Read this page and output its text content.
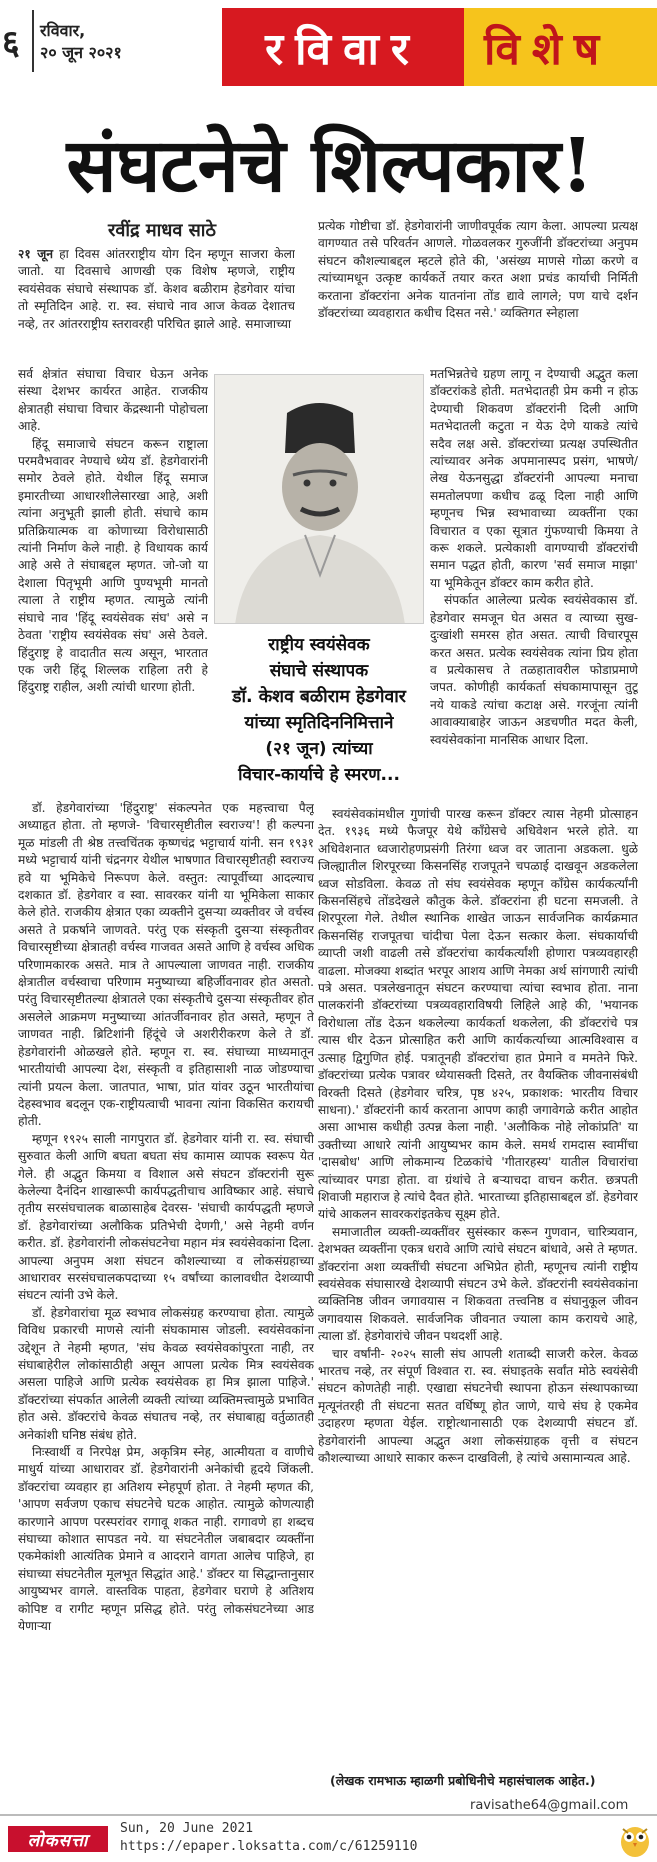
६ रविवार,
२० जून २०२१	रविवार	विशेष
संघटनेचे शिल्पकार!
रवींद्र माधव साठे

२१ जून हा दिवस आंतरराष्ट्रीय योग दिन म्हणून साजरा केला जातो. या दिवसाचे आणखी एक विशेष म्हणजे, राष्ट्रीय स्वयंसेवक संघाचे संस्थापक डॉ. केशव बळीराम हेडगेवार यांचा तो स्मृतिदिन आहे. रा. स्व. संघाचे नाव आज केवळ देशातच नव्हे, तर आंतरराष्ट्रीय स्तरावरही परिचित झाले आहे. समाजाच्या

सर्व क्षेत्रांत संघाचा विचार घेऊन अनेक संस्था देशभर कार्यरत आहेत. राजकीय क्षेत्रातही संघाचा विचार केंद्रस्थानी पोहोचला आहे.

हिंदू समाजाचे संघटन करून राष्ट्राला परमवैभवावर नेण्याचे ध्येय डॉ. हेडगेवारांनी समोर ठेवले होते. येथील हिंदू समाज इमारतीच्या आधारशीलेसारखा आहे, अशी त्यांना अनुभूती झाली होती. संघाचे काम प्रतिक्रियात्मक वा कोणाच्या विरोधासाठी त्यांनी निर्माण केले नाही. हे विधायक कार्य आहे असे ते संघाबद्दल म्हणत. जो-जो या देशाला पितृभूमी आणि पुण्यभूमी मानतो त्याला ते राष्ट्रीय म्हणत. त्यामुळे त्यांनी संघाचे नाव 'हिंदू स्वयंसेवक संघ' असे न ठेवता 'राष्ट्रीय स्वयंसेवक संघ' असे ठेवले. हिंदुराष्ट्र हे वादातीत सत्य असून, भारतात एक जरी हिंदू शिल्लक राहिला तरी हे हिंदुराष्ट्र राहील, अशी त्यांची धारणा होती.

राष्ट्रीय स्वयंसेवक
संघाचे संस्थापक
डॉ. केशव बळीराम हेडगेवार
यांच्या स्मृतिदिननिमित्ताने
(२१ जून) त्यांच्या
विचार-कार्याचे हे स्मरण...

डॉ. हेडगेवारांच्या 'हिंदुराष्ट्र' संकल्पनेत एक महत्त्वाचा पैलू अध्याहृत होता. तो म्हणजे- 'विचारसृष्टीतील स्वराज्य'! ही कल्पना मूळ मांडली ती श्रेष्ठ तत्त्वचिंतक कृष्णचंद्र भट्टाचार्य यांनी. सन १९३१ मध्ये भट्टाचार्य यांनी चंद्रनगर येथील भाषणात विचारसृष्टीतही स्वराज्य हवे या भूमिकेचे निरूपण केले. वस्तुत: त्यापूर्वीच्या आदल्याच दशकात डॉ. हेडगेवार व स्वा. सावरकर यांनी या भूमिकेला साकार केले होते. राजकीय क्षेत्रात एका व्यक्तीने दुसऱ्या व्यक्तीवर जे वर्चस्व असते ते प्रकर्षाने जाणवते. परंतु एक संस्कृती दुसऱ्या संस्कृतीवर विचारसृष्टीच्या क्षेत्रातही वर्चस्व गाजवत असते आणि हे वर्चस्व अधिक परिणामकारक असते. मात्र ते आपल्याला जाणवत नाही. राजकीय क्षेत्रातील वर्चस्वाचा परिणाम मनुष्याच्या बहिर्जीवनावर होत असतो. परंतु विचारसृष्टीतल्या क्षेत्रातले एका संस्कृतीचे दुसऱ्या संस्कृतीवर होत असलेले आक्रमण मनुष्याच्या आंतर्जीवनावर होत असते, म्हणून ते जाणवत नाही. ब्रिटिशांनी हिंदूंचे जे अशरीरीकरण केले ते डॉ. हेडगेवारांनी ओळखले होते. म्हणून रा. स्व. संघाच्या माध्यमातून भारतीयांची आपल्या देश, संस्कृती व इतिहासाशी नाळ जोडण्याचा त्यांनी प्रयत्न केला. जातपात, भाषा, प्रांत यांवर उठून भारतीयांचा देहस्वभाव बदलून एक-राष्ट्रीयत्वाची भावना त्यांना विकसित करायची होती.

म्हणून १९२५ साली नागपुरात डॉ. हेडगेवार यांनी रा. स्व. संघाची सुरुवात केली आणि बघता बघता संघ कामास व्यापक स्वरूप येत गेले. ही अद्भुत किमया व विशाल असे संघटन डॉक्टरांनी सुरू केलेल्या दैनंदिन शाखारूपी कार्यपद्धतीचाच आविष्कार आहे. संघाचे तृतीय सरसंघचालक बाळासाहेब देवरस- 'संघाची कार्यपद्धती म्हणजे डॉ. हेडगेवारांच्या अलौकिक प्रतिभेची देणगी,' असे नेहमी वर्णन करीत. डॉ. हेडगेवारांनी लोकसंघटनेचा महान मंत्र स्वयंसेवकांना दिला. आपल्या अनुपम अशा संघटन कौशल्याच्या व लोकसंग्रहाच्या आधारावर सरसंघचालकपदाच्या १५ वर्षांच्या कालावधीत देशव्यापी संघटन त्यांनी उभे केले.

डॉ. हेडगेवारांचा मूळ स्वभाव लोकसंग्रह करण्याचा होता. त्यामुळे विविध प्रकारची माणसे त्यांनी संघकामास जोडली. स्वयंसेवकांना उद्देशून ते नेहमी म्हणत, 'संघ केवळ स्वयंसेवकांपुरता नाही, तर संघाबाहेरील लोकांसाठीही असून आपला प्रत्येक मित्र स्वयंसेवक असला पाहिजे आणि प्रत्येक स्वयंसेवक हा मित्र झाला पाहिजे.' डॉक्टरांच्या संपर्कात आलेली व्यक्ती त्यांच्या व्यक्तिमत्त्वामुळे प्रभावित होत असे. डॉक्टरांचे केवळ संघातच नव्हे, तर संघाबाह्य वर्तुळातही अनेकांशी घनिष्ठ संबंध होते.

निःस्वार्थी व निरपेक्ष प्रेम, अकृत्रिम स्नेह, आत्मीयता व वाणीचे माधुर्य यांच्या आधारावर डॉ. हेडगेवारांनी अनेकांची हृदये जिंकली. डॉक्टरांचा व्यवहार हा अतिशय स्नेहपूर्ण होता. ते नेहमी म्हणत की, 'आपण सर्वजण एकाच संघटनेचे घटक आहोत. त्यामुळे कोणत्याही कारणाने आपण परस्परांवर रागावू शकत नाही. रागावणे हा शब्दच संघाच्या कोशात सापडत नये. या संघटनेतील जबाबदार व्यक्तींना एकमेकांशी आत्यंतिक प्रेमाने व आदराने वागता आलेच पाहिजे, हा संघाच्या संघटनेतील मूलभूत सिद्धांत आहे.' डॉक्टर या सिद्धान्तानुसार आयुष्यभर वागले. वास्तविक पाहता, हेडगेवार घराणे हे अतिशय कोपिष्ट व रागीट म्हणून प्रसिद्ध होते. परंतु लोकसंघटनेच्या आड येणाऱ्या

प्रत्येक गोष्टीचा डॉ. हेडगेवारांनी जाणीवपूर्वक त्याग केला. आपल्या प्रत्यक्ष वागण्यात तसे परिवर्तन आणले. गोळवलकर गुरुजींनी डॉक्टरांच्या अनुपम संघटन कौशल्याबद्दल म्हटले होते की, 'असंख्य माणसे गोळा करणे व त्यांच्यामधून उत्कृष्ट कार्यकर्ते तयार करत अशा प्रचंड कार्याची निर्मिती करताना डॉक्टरांना अनेक यातनांना तोंड द्यावे लागले; पण याचे दर्शन डॉक्टरांच्या व्यवहारात कधीच दिसत नसे.' व्यक्तिगत स्नेहाला

मतभिन्नतेचे ग्रहण लागू न देण्याची अद्भुत कला डॉक्टरांकडे होती. मतभेदातही प्रेम कमी न होऊ देण्याची शिकवण डॉक्टरांनी दिली आणि मतभेदातली कटुता न येऊ देणे याकडे त्यांचे सदैव लक्ष असे. डॉक्टरांच्या प्रत्यक्ष उपस्थितीत त्यांच्यावर अनेक अपमानास्पद प्रसंग, भाषणे/लेख येऊनसुद्धा डॉक्टरांनी आपल्या मनाचा समतोलपणा कधीच ढळू दिला नाही आणि म्हणूनच भिन्न स्वभावाच्या व्यक्तींना एका विचारात व एका सूत्रात गुंफण्याची किमया ते करू शकले. प्रत्येकाशी वागण्याची डॉक्टरांची समान पद्धत होती, कारण 'सर्व समाज माझा' या भूमिकेतून डॉक्टर काम करीत होते.

संपर्कात आलेल्या प्रत्येक स्वयंसेवकास डॉ. हेडगेवार समजून घेत असत व त्याच्या सुख-दुःखांशी समरस होत असत. त्याची विचारपूस करत असत. प्रत्येक स्वयंसेवक त्यांना प्रिय होता व प्रत्येकासच ते तळहातावरील फोडाप्रमाणे जपत. कोणीही कार्यकर्ता संघकामापासून तुटू नये याकडे त्यांचा कटाक्ष असे. गरजूंना त्यांनी आवाक्याबाहेर जाऊन अडचणीत मदत केली, स्वयंसेवकांना मानसिक आधार दिला.

स्वयंसेवकांमधील गुणांची पारख करून डॉक्टर त्यास नेहमी प्रोत्साहन देत. १९३६ मध्ये फैजपूर येथे काँग्रेसचे अधिवेशन भरले होते. या अधिवेशनात ध्वजारोहणप्रसंगी तिरंगा ध्वज वर जाताना अडकला. धुळे जिल्ह्यातील शिरपूरच्या किसनसिंह राजपूतने चपळाई दाखवून अडकलेला ध्वज सोडविला. केवळ तो संघ स्वयंसेवक म्हणून काँग्रेस कार्यकर्त्यांनी किसनसिंहचे तोंडदेखले कौतुक केले. डॉक्टरांना ही घटना समजली. ते शिरपूरला गेले. तेथील स्थानिक शाखेत जाऊन सार्वजनिक कार्यक्रमात किसनसिंह राजपूतचा चांदीचा पेला देऊन सत्कार केला. संघकार्याची व्याप्ती जशी वाढली तसे डॉक्टरांचा कार्यकर्त्यांशी होणारा पत्रव्यवहारही वाढला. मोजक्या शब्दांत भरपूर आशय आणि नेमका अर्थ सांगणारी त्यांची पत्रे असत. पत्रलेखनातून संघटन करण्याचा त्यांचा स्वभाव होता. नाना पालकरांनी डॉक्टरांच्या पत्रव्यवहाराविषयी लिहिले आहे की, 'भयानक विरोधाला तोंड देऊन थकलेल्या कार्यकर्ता थकलेला, की डॉक्टरांचे पत्र त्यास धीर देऊन प्रोत्साहित करी आणि कार्यकर्त्याच्या आत्मविश्वास व उत्साह द्विगुणित होई. पत्रातूनही डॉक्टरांचा हात प्रेमाने व ममतेने फिरे. डॉक्टरांच्या प्रत्येक पत्रावर ध्येयासक्ती दिसते, तर वैयक्तिक जीवनासंबंधी विरक्ती दिसते (हेडगेवार चरित्र, पृष्ठ ४२५, प्रकाशक: भारतीय विचार साधना).' डॉक्टरांनी कार्य करताना आपण काही जगावेगळे करीत आहोत असा आभास कधीही उत्पन्न केला नाही. 'अलौकिक नोहे लोकांप्रति' या उक्तीच्या आधारे त्यांनी आयुष्यभर काम केले. समर्थ रामदास स्वामींचा 'दासबोध' आणि लोकमान्य टिळकांचे 'गीतारहस्य' यातील विचारांचा त्यांच्यावर पगडा होता. वा ग्रंथांचे ते बऱ्याचदा वाचन करीत. छत्रपती शिवाजी महाराज हे त्यांचे दैवत होते. भारताच्या इतिहासाबद्दल डॉ. हेडगेवार यांचे आकलन सावरकरांइतकेच सूक्ष्म होते.

समाजातील व्यक्ती-व्यक्तींवर सुसंस्कार करून गुणवान, चारित्र्यवान, देशभक्त व्यक्तींना एकत्र धरावे आणि त्यांचे संघटन बांधावे, असे ते म्हणत. डॉक्टरांना अशा व्यक्तींची संघटना अभिप्रेत होती, म्हणूनच त्यांनी राष्ट्रीय स्वयंसेवक संघासारखे देशव्यापी संघटन उभे केले. डॉक्टरांनी स्वयंसेवकांना व्यक्तिनिष्ठ जीवन जगावयास न शिकवता तत्त्वनिष्ठ व संघानुकूल जीवन जगावयास शिकवले. सार्वजनिक जीवनात ज्याला काम करायचे आहे, त्याला डॉ. हेडगेवारांचे जीवन पथदर्शी आहे.

चार वर्षांनी- २०२५ साली संघ आपली शताब्दी साजरी करेल. केवळ भारतच नव्हे, तर संपूर्ण विश्वात रा. स्व. संघाइतके सर्वांत मोठे स्वयंसेवी संघटन कोणतेही नाही. एखाद्या संघटनेची स्थापना होऊन संस्थापकाच्या मृत्यूनंतरही ती संघटना सतत वर्धिष्णू होत जाणे, याचे संघ हे एकमेव उदाहरण म्हणता येईल. राष्ट्रोत्थानासाठी एक देशव्यापी संघटन डॉ. हेडगेवारांनी आपल्या अद्भुत अशा लोकसंग्राहक वृत्ती व संघटन कौशल्याच्या आधारे साकार करून दाखविली, हे त्यांचे असामान्यत्व आहे.

(लेखक रामभाऊ म्हाळगी प्रबोधिनीचे महासंचालक आहेत.)
ravisathe64@gmail.com
लोकसत्ता
Sun, 20 June 2021
https://epaper.loksatta.com/c/61259110
